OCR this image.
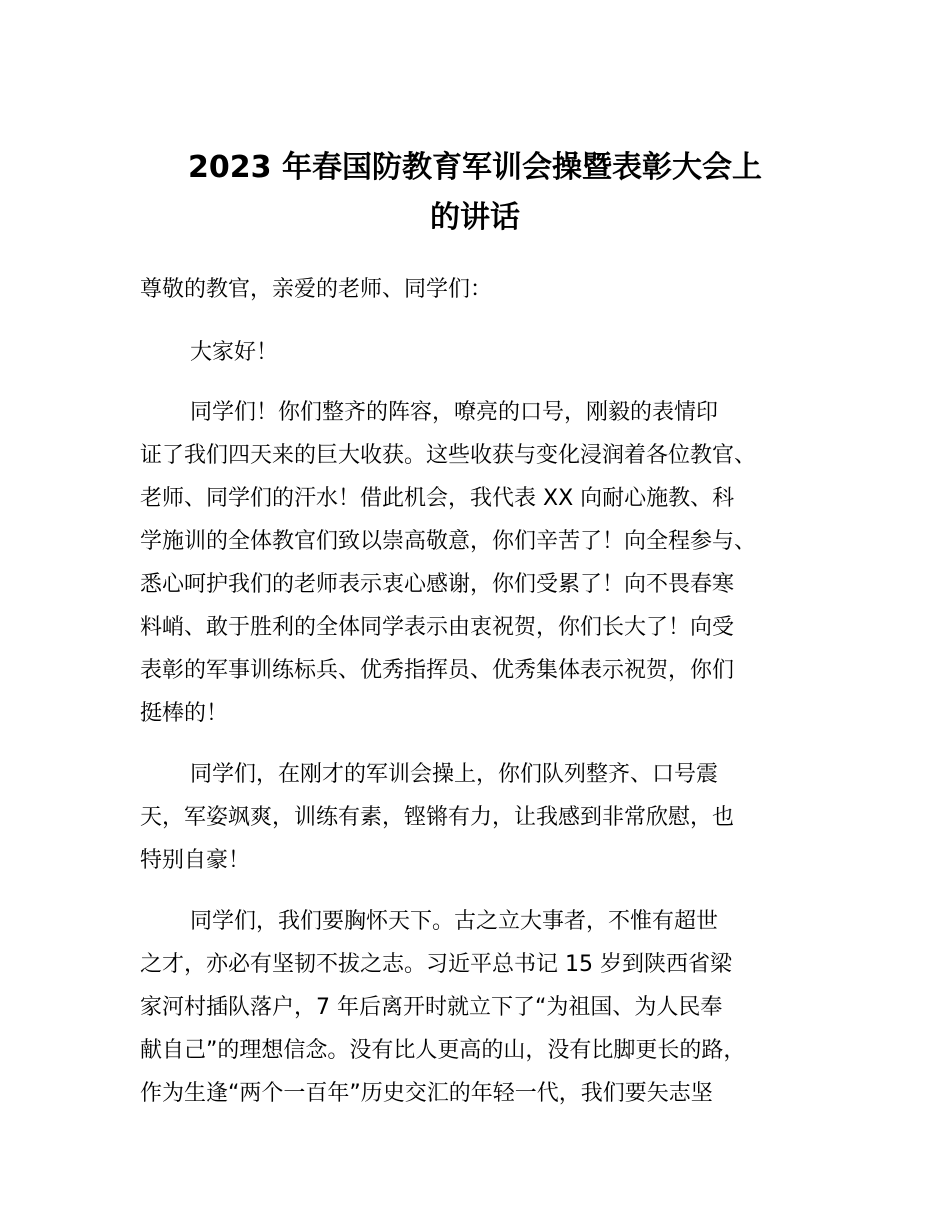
2023 年春国防教育军训会操暨表彰大会上
的讲话

尊敬的教官，亲爱的老师、同学们：

大家好！

同学们！你们整齐的阵容，嘹亮的口号，刚毅的表情印

证了我们四天来的巨大收获。这些收获与变化浸润着各位教官、

老师、同学们的汗水！借此机会，我代表 XX 向耐心施教、科

学施训的全体教官们致以崇高敬意，你们辛苦了！向全程参与、

悉心呵护我们的老师表示衷心感谢，你们受累了！向不畏春寒

料峭、敢于胜利的全体同学表示由衷祝贺，你们长大了！向受

表彰的军事训练标兵、优秀指挥员、优秀集体表示祝贺，你们

挺棒的！

同学们，在刚才的军训会操上，你们队列整齐、口号震

天，军姿飒爽，训练有素，铿锵有力，让我感到非常欣慰，也

特别自豪！

同学们，我们要胸怀天下。古之立大事者，不惟有超世

之才，亦必有坚韧不拔之志。习近平总书记 15 岁到陕西省梁

家河村插队落户，7 年后离开时就立下了“为祖国、为人民奉

献自己”的理想信念。没有比人更高的山，没有比脚更长的路，

作为生逢“两个一百年”历史交汇的年轻一代，我们要矢志坚
